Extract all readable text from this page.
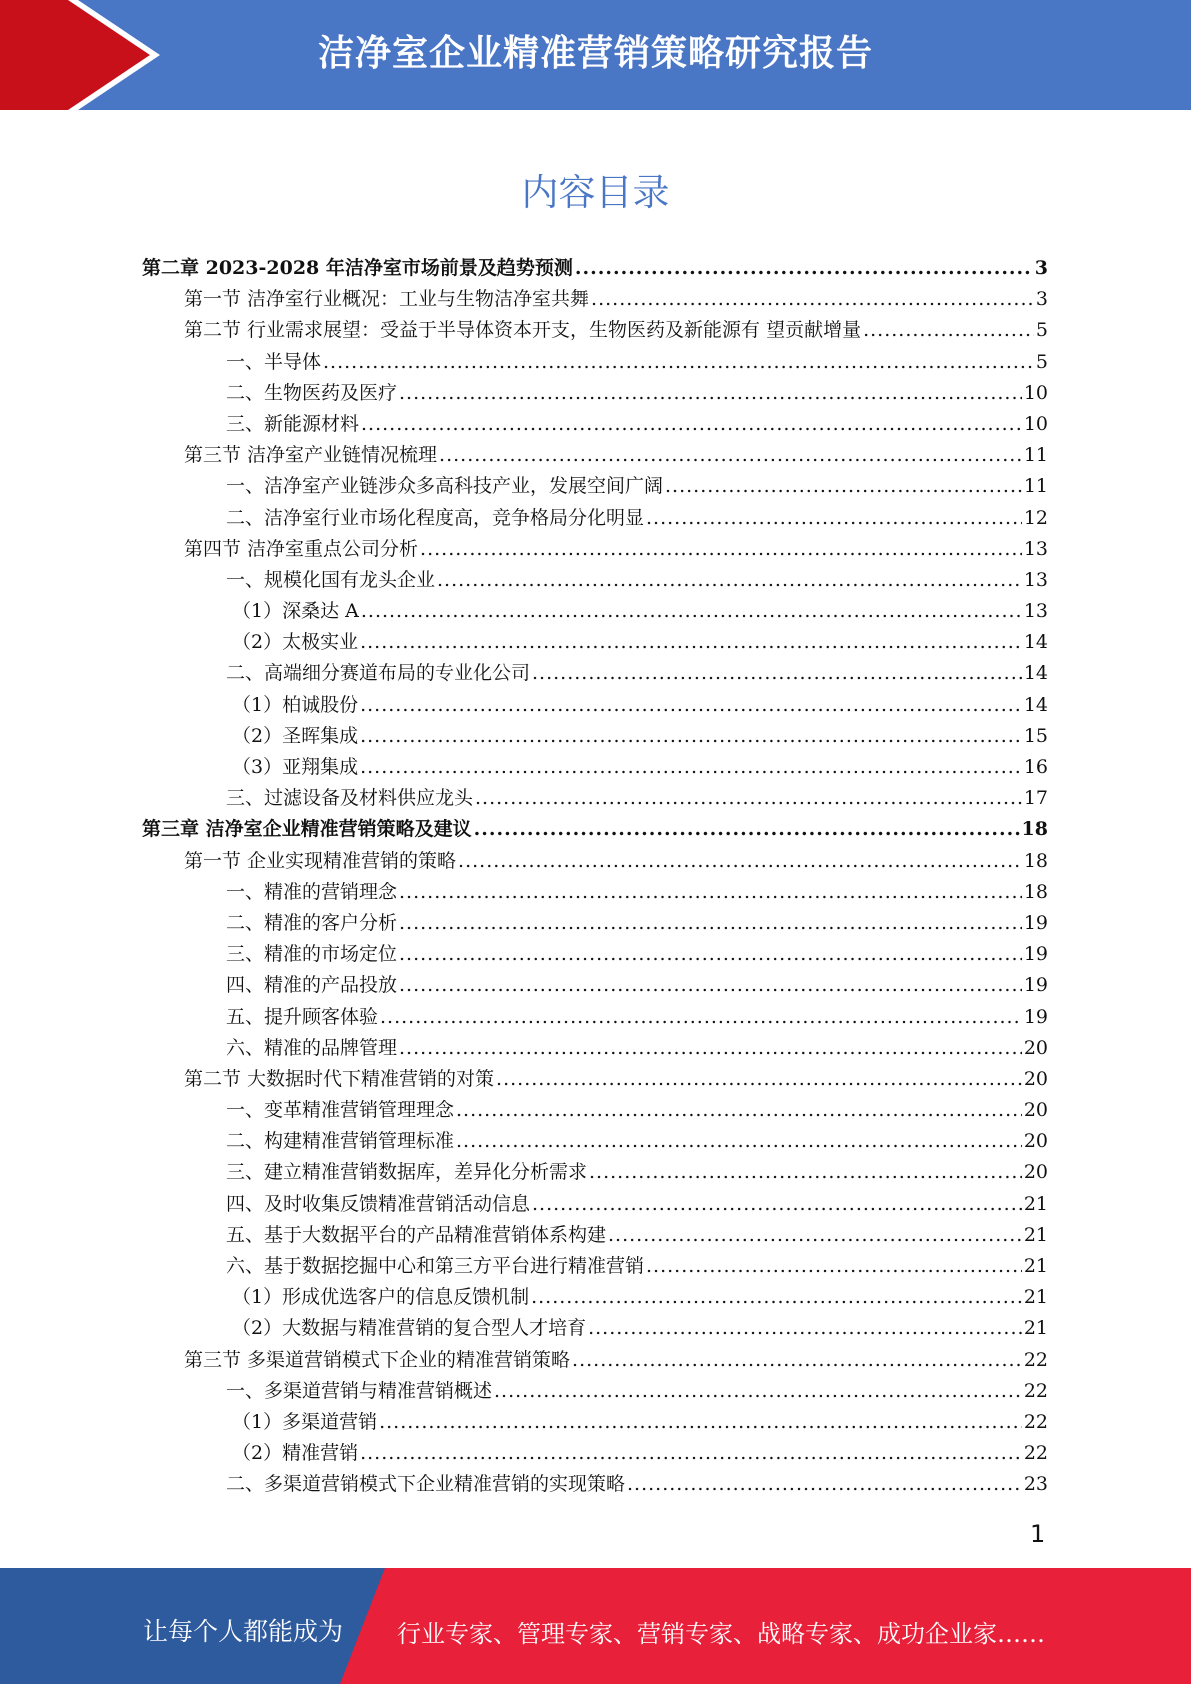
洁净室企业精准营销策略研究报告
内容目录
第二章 2023-2028 年洁净室市场前景及趋势预测 .....	3
第一节 洁净室行业概况：工业与生物洁净室共舞 .....	3
第二节 行业需求展望：受益于半导体资本开支，生物医药及新能源有 望贡献增量 .....	5
一、半导体 .....	5
二、生物医药及医疗 .....	10
三、新能源材料 .....	10
第三节 洁净室产业链情况梳理 .....	11
一、洁净室产业链涉众多高科技产业，发展空间广阔 .....	11
二、洁净室行业市场化程度高，竞争格局分化明显 .....	12
第四节 洁净室重点公司分析 .....	13
一、规模化国有龙头企业 .....	13
（1）深桑达 A .....	13
（2）太极实业 .....	14
二、高端细分赛道布局的专业化公司 .....	14
（1）柏诚股份 .....	14
（2）圣晖集成 .....	15
（3）亚翔集成 .....	16
三、过滤设备及材料供应龙头 .....	17
第三章 洁净室企业精准营销策略及建议 .....	18
第一节 企业实现精准营销的策略 .....	18
一、精准的营销理念 .....	18
二、精准的客户分析 .....	19
三、精准的市场定位 .....	19
四、精准的产品投放 .....	19
五、提升顾客体验 .....	19
六、精准的品牌管理 .....	20
第二节 大数据时代下精准营销的对策 .....	20
一、变革精准营销管理理念 .....	20
二、构建精准营销管理标准 .....	20
三、建立精准营销数据库，差异化分析需求 .....	20
四、及时收集反馈精准营销活动信息 .....	21
五、基于大数据平台的产品精准营销体系构建 .....	21
六、基于数据挖掘中心和第三方平台进行精准营销 .....	21
（1）形成优选客户的信息反馈机制 .....	21
（2）大数据与精准营销的复合型人才培育 .....	21
第三节 多渠道营销模式下企业的精准营销策略 .....	22
一、多渠道营销与精准营销概述 .....	22
（1）多渠道营销 .....	22
（2）精准营销 .....	22
二、多渠道营销模式下企业精准营销的实现策略 .....	23
1
让每个人都能成为 行业专家、管理专家、营销专家、战略专家、成功企业家……
